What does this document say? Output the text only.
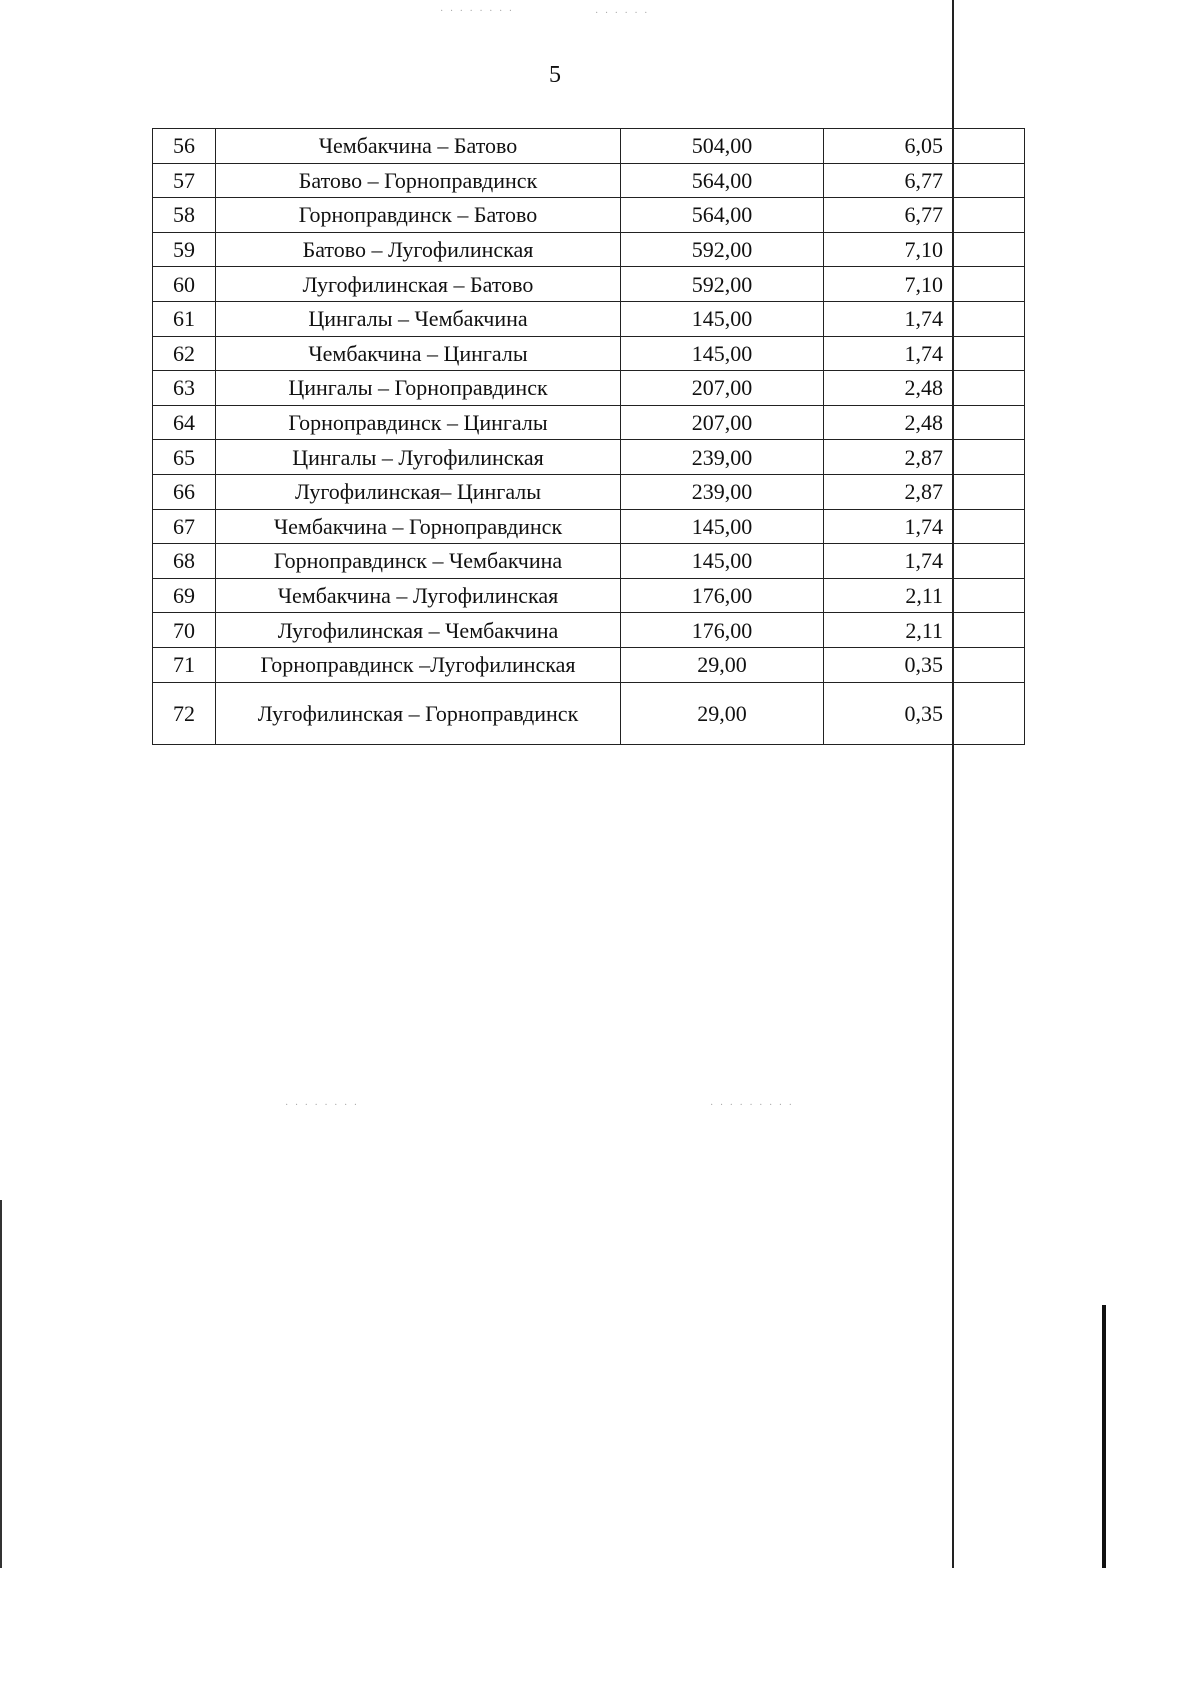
· · · · · · · ·	· · · · · ·
· · · · · · · ·	· · · · · · · · ·
5
56	Чембакчина – Батово	504,00	6,05	
57	Батово – Горноправдинск	564,00	6,77	
58	Горноправдинск – Батово	564,00	6,77	
59	Батово – Лугофилинская	592,00	7,10	
60	Лугофилинская – Батово	592,00	7,10	
61	Цингалы – Чембакчина	145,00	1,74	
62	Чембакчина – Цингалы	145,00	1,74	
63	Цингалы – Горноправдинск	207,00	2,48	
64	Горноправдинск – Цингалы	207,00	2,48	
65	Цингалы – Лугофилинская	239,00	2,87	
66	Лугофилинская– Цингалы	239,00	2,87	
67	Чембакчина – Горноправдинск	145,00	1,74	
68	Горноправдинск – Чембакчина	145,00	1,74	
69	Чембакчина – Лугофилинская	176,00	2,11	
70	Лугофилинская – Чембакчина	176,00	2,11	
71	Горноправдинск –Лугофилинская	29,00	0,35	
72	Лугофилинская – Горноправдинск	29,00	0,35	
